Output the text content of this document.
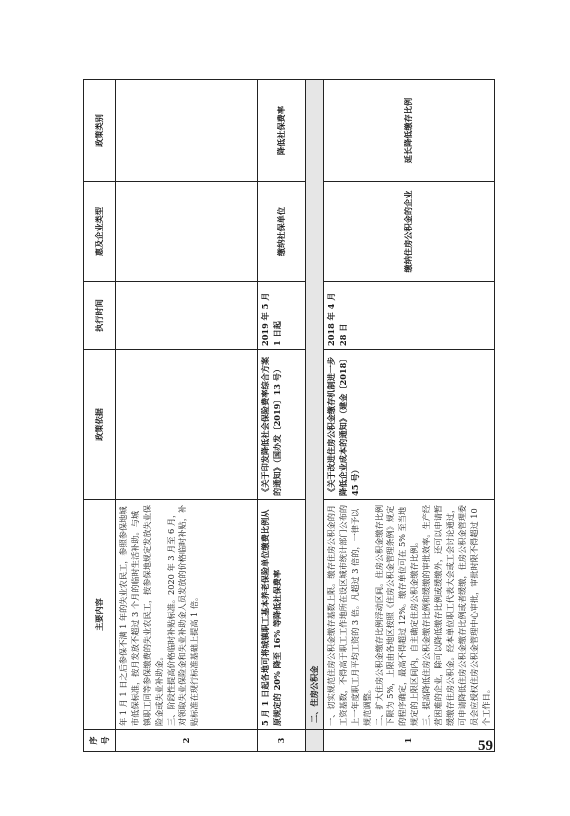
序号	主要内容	政策依据	执行时间	惠及企业类型	政策类别
2	年 1 月 1 日之后参保不满 1 年的失业农民工，参照参保地城市低保标准，按月发放不超过 3 个月的临时生活补助。与城镇职工同等参保缴费的失业农民工，按参保地规定发放失业保险金或失业补助金。 三、阶段性提高价格临时补贴标准。2020 年 3 月至 6 月，对领取失业保险金和失业补助金人员发放的价格临时补贴，补贴标准在现行标准基础上提高 1 倍。				

3	5 月 1 日起各地可将城镇职工基本养老保险单位缴费比例从原规定的 20% 降至 16% 等降低社保费率	《关于印发降低社会保险费率综合方案的通知》（国办发〔2019〕13 号）	2019 年 5 月 1 日起	缴纳社保单位	降低社保费率
	二、住房公积金				
1	一、切实规范住房公积金缴存基数上限。缴存住房公积金的月工资基数，不得高于职工工作地所在设区城市统计部门公布的上一年度职工月平均工资的 3 倍。凡超过 3 倍的，一律予以规范调整。 二、扩大住房公积金缴存比例浮动区间。住房公积金缴存比例下限为 5%，上限由各地区按照《住房公积金管理条例》规定的程序确定，最高不得超过 12%。缴存单位可在 5% 至当地规定的上限区间内，自主确定住房公积金缴存比例。 三、提高降低住房公积金缴存比例和缓缴的审批效率。生产经营困难的企业，除可以降低缴存比例或缓缴外，还可以申请暂缓缴存住房公积金。经本单位职工代表大会或工会讨论通过，可申请降低住房公积金缴存比例或者缓缴，住房公积金管理委员会应授权住房公积金管理中心审批，审批时限不得超过 10 个工作日。	《关于改进住房公积金缴存机制进一步降低企业成本的通知》（建金〔2018〕45 号）	2018 年 4 月 28 日	缴纳住房公积金的企业	延长降低缴存比例
59
